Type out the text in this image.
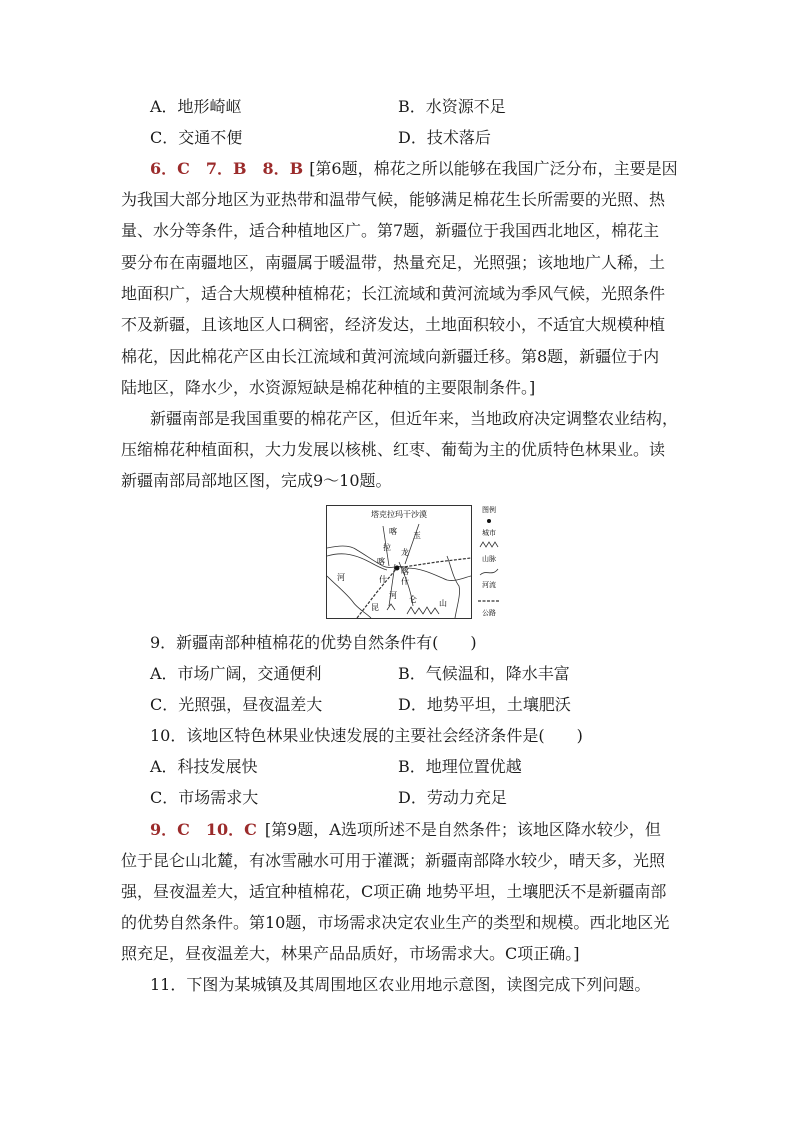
A．地形崎岖	B．水资源不足
C．交通不便	D．技术落后
6．C　7．B　8．B [第6题，棉花之所以能够在我国广泛分布，主要是因
为我国大部分地区为亚热带和温带气候，能够满足棉花生长所需要的光照、热
量、水分等条件，适合种植地区广。第7题，新疆位于我国西北地区，棉花主
要分布在南疆地区，南疆属于暖温带，热量充足，光照强；该地地广人稀，土
地面积广，适合大规模种植棉花；长江流域和黄河流域为季风气候，光照条件
不及新疆，且该地区人口稠密，经济发达，土地面积较小，不适宜大规模种植
棉花，因此棉花产区由长江流域和黄河流域向新疆迁移。第8题，新疆位于内
陆地区，降水少，水资源短缺是棉花种植的主要限制条件。]
新疆南部是我国重要的棉花产区，但近年来，当地政府决定调整农业结构，
压缩棉花种植面积，大力发展以核桃、红枣、葡萄为主的优质特色林果业。读
新疆南部局部地区图，完成9～10题。
塔克拉玛干沙漠
喀 玉
拉
龙
喀
什
河	什
喀
仑	山
昆
河
图例
城市
山脉
河流
公路
9．新疆南部种植棉花的优势自然条件有(　　)
A．市场广阔，交通便利	B．气候温和，降水丰富
C．光照强，昼夜温差大	D．地势平坦，土壤肥沃
10．该地区特色林果业快速发展的主要社会经济条件是(　　)
A．科技发展快	B．地理位置优越
C．市场需求大	D．劳动力充足
9．C　10．C [第9题，A选项所述不是自然条件；该地区降水较少，但
位于昆仑山北麓，有冰雪融水可用于灌溉；新疆南部降水较少，晴天多，光照
强，昼夜温差大，适宜种植棉花，C项正确 地势平坦，土壤肥沃不是新疆南部
的优势自然条件。第10题，市场需求决定农业生产的类型和规模。西北地区光
照充足，昼夜温差大，林果产品品质好，市场需求大。C项正确。]
11．下图为某城镇及其周围地区农业用地示意图，读图完成下列问题。
